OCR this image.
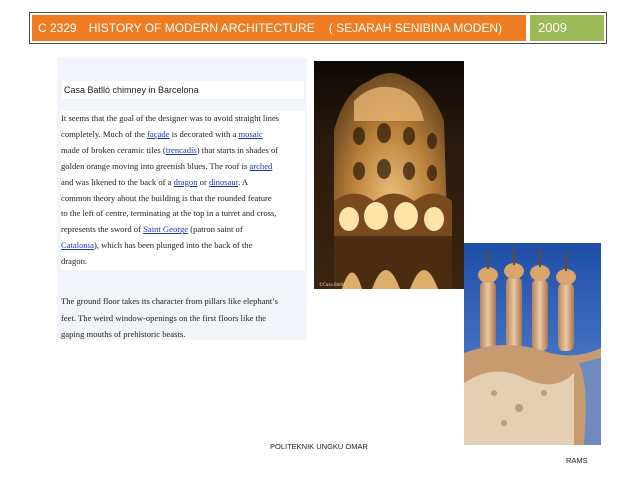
C 2329 HISTORY OF MODERN ARCHITECTURE ( SEJARAH SENIBINA MODEN)	2009
Casa Batlló chimney in Barcelona
It seems that the goal of the designer was to avoid straight lines
completely. Much of the façade is decorated with a mosaic
made of broken ceramic tiles (trencadís) that starts in shades of
golden orange moving into greenish blues. The roof is arched
and was likened to the back of a dragon or dinosaur. A
common theory about the building is that the rounded feature
to the left of centre, terminating at the top in a turret and cross,
represents the sword of Saint George (patron saint of
Catalonia), which has been plunged into the back of the
dragon.
The ground floor takes its character from pillars like elephant’s
feet. The weird window-openings on the first floors like the
gaping mouths of prehistoric beasts.
©Casa Batlló
POLITEKNIK UNGKU OMAR
RAMS
